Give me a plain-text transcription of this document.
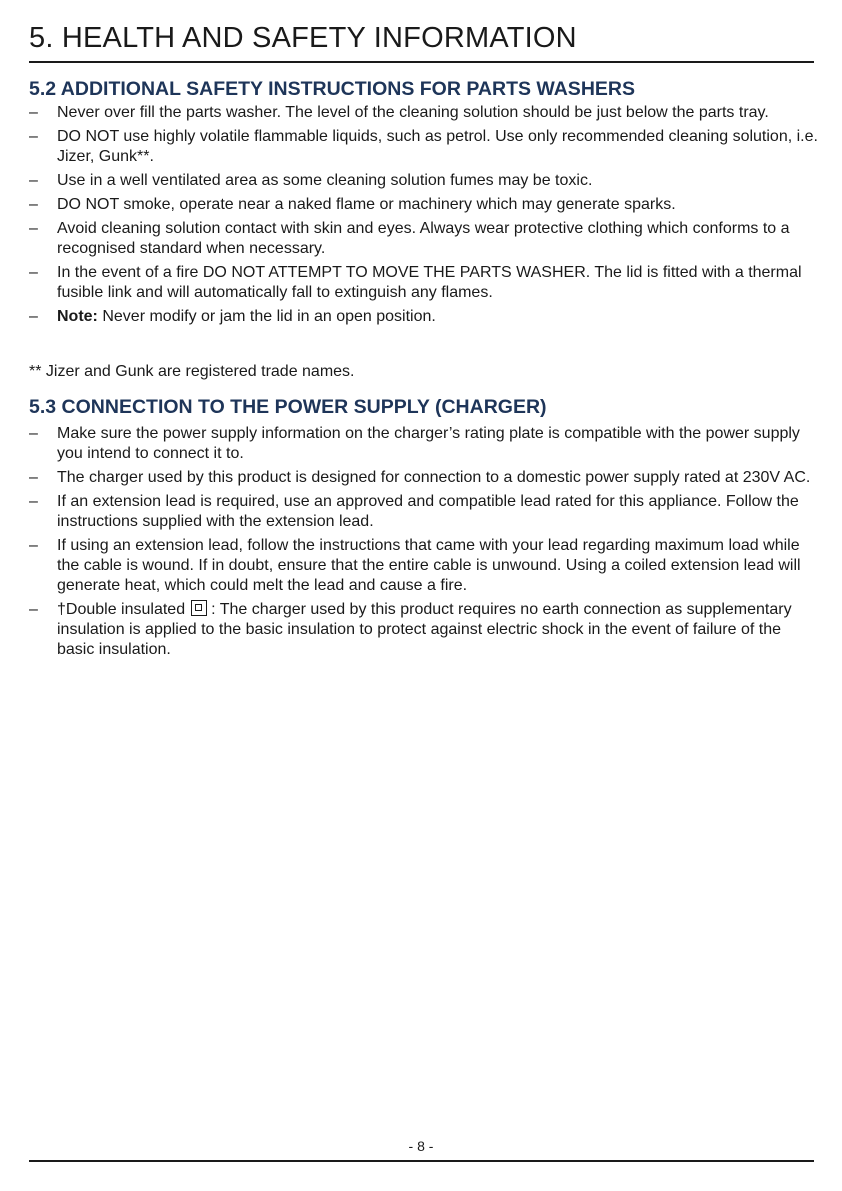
5. HEALTH AND SAFETY INFORMATION
5.2 ADDITIONAL SAFETY INSTRUCTIONS FOR PARTS WASHERS
– Never over fill the parts washer. The level of the cleaning solution should be just below the parts tray.
– DO NOT use highly volatile flammable liquids, such as petrol. Use only recommended cleaning solution, i.e. Jizer, Gunk**.
– Use in a well ventilated area as some cleaning solution fumes may be toxic.
– DO NOT smoke, operate near a naked flame or machinery which may generate sparks.
– Avoid cleaning solution contact with skin and eyes. Always wear protective clothing which conforms to a recognised standard when necessary.
– In the event of a fire DO NOT ATTEMPT TO MOVE THE PARTS WASHER. The lid is fitted with a thermal fusible link and will automatically fall to extinguish any flames.
– Note: Never modify or jam the lid in an open position.
** Jizer and Gunk are registered trade names.
5.3 CONNECTION TO THE POWER SUPPLY (CHARGER)
– Make sure the power supply information on the charger’s rating plate is compatible with the power supply you intend to connect it to.
– The charger used by this product is designed for connection to a domestic power supply rated at 230V AC.
– If an extension lead is required, use an approved and compatible lead rated for this appliance. Follow the instructions supplied with the extension lead.
– If using an extension lead, follow the instructions that came with your lead regarding maximum load while the cable is wound. If in doubt, ensure that the entire cable is unwound. Using a coiled extension lead will generate heat, which could melt the lead and cause a fire.
– †Double insulated : The charger used by this product requires no earth connection as supplementary insulation is applied to the basic insulation to protect against electric shock in the event of failure of the basic insulation.
- 8 -
